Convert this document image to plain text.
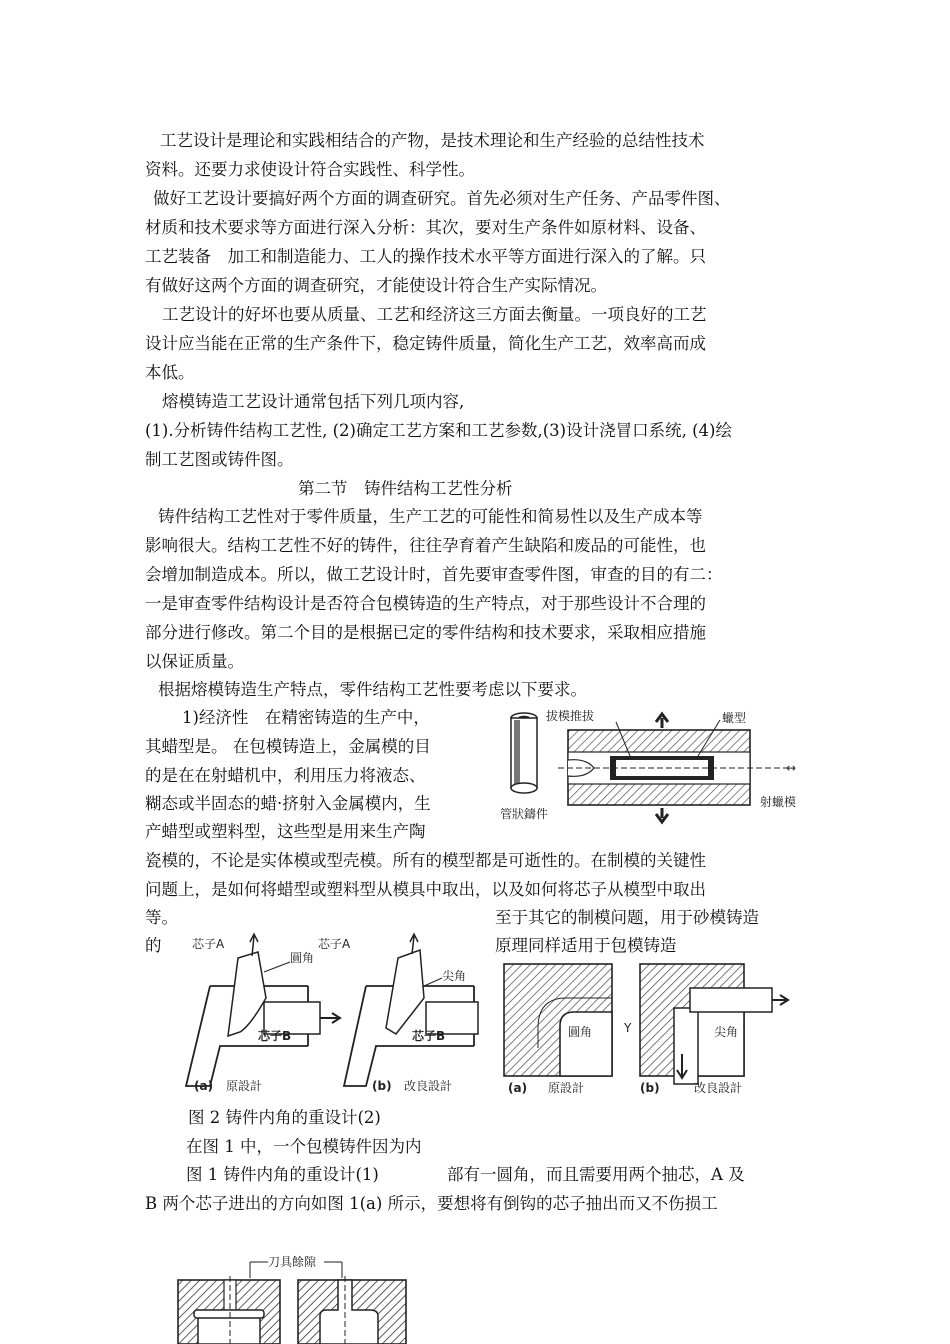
工艺设计是理论和实践相结合的产物，是技术理论和生产经验的总结性技术

资料。还要力求使设计符合实践性、科学性。

做好工艺设计要搞好两个方面的调查研究。首先必须对生产任务、产品零件图、

材质和技术要求等方面进行深入分析：其次，要对生产条件如原材料、设备、

工艺装备　加工和制造能力、工人的操作技术水平等方面进行深入的了解。只

有做好这两个方面的调查研究，才能使设计符合生产实际情况。

工艺设计的好坏也要从质量、工艺和经济这三方面去衡量。一项良好的工艺

设计应当能在正常的生产条件下，稳定铸件质量，简化生产工艺，效率高而成

本低。

熔模铸造工艺设计通常包括下列几项内容,

(1).分析铸件结构工艺性, (2)确定工艺方案和工艺参数,(3)设计浇冒口系统, (4)绘

制工艺图或铸件图。

第二节　铸件结构工艺性分析

铸件结构工艺性对于零件质量，生产工艺的可能性和简易性以及生产成本等

影响很大。结构工艺性不好的铸件，往往孕育着产生缺陷和废品的可能性，也

会增加制造成本。所以，做工艺设计时，首先要审查零件图，审查的目的有二：

一是审查零件结构设计是否符合包模铸造的生产特点，对于那些设计不合理的

部分进行修改。第二个目的是根据已定的零件结构和技术要求，采取相应措施

以保证质量。

根据熔模铸造生产特点，零件结构工艺性要考虑以下要求。

1)经济性　在精密铸造的生产中，

其蜡型是。 在包模铸造上，金属模的目

的是在在射蜡机中，利用压力将液态、

糊态或半固态的蜡·挤射入金属模内，生

产蜡型或塑料型，这些型是用来生产陶

瓷模的，不论是实体模或型壳模。所有的模型都是可逝性的。在制模的关键性

问题上，是如何将蜡型或塑料型从模具中取出，以及如何将芯子从模型中取出

等。	至于其它的制模问题，用于砂模铸造

的	原理同样适用于包模铸造

管狀鑄件
拔模推拔	蠟型
射蠟模
↔
芯子A
圓角
芯子B
(a) 原設計
芯子A
尖角
芯子B
(b) 改良設計
圓角
(a) 原設計
Y	尖角
(b)	改良設計

图 2 铸件内角的重设计(2)

在图 1 中，一个包模铸件因为内

图 1 铸件内角的重设计(1)	部有一圆角，而且需要用两个抽芯，A 及

B 两个芯子进出的方向如图 1(a) 所示，要想将有倒钩的芯子抽出而又不伤损工

刀具餘隙
